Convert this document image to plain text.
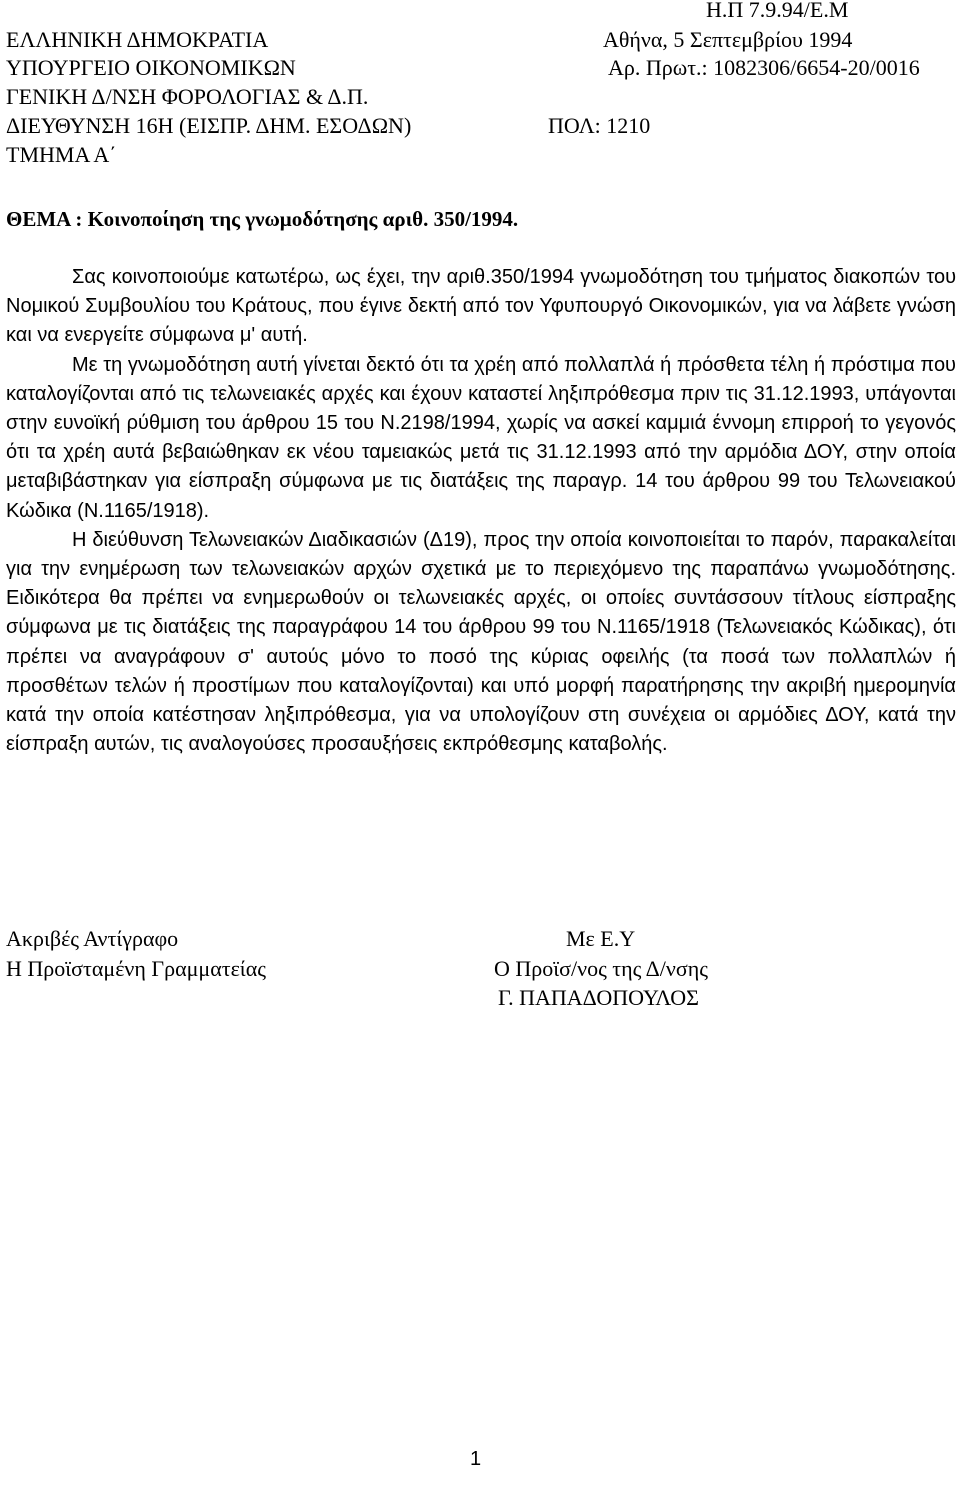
Η.Π 7.9.94/Ε.Μ
ΕΛΛΗΝΙΚΗ ΔΗΜΟΚΡΑΤΙΑ	Αθήνα, 5 Σεπτεμβρίου 1994
ΥΠΟΥΡΓΕΙΟ ΟΙΚΟΝΟΜΙΚΩΝ	Αρ. Πρωτ.: 1082306/6654-20/0016
ΓΕΝΙΚΗ Δ/ΝΣΗ ΦΟΡΟΛΟΓΙΑΣ & Δ.Π.
ΔΙΕΥΘΥΝΣΗ 16Η (ΕΙΣΠΡ. ΔΗΜ. ΕΣΟΔΩΝ)	ΠΟΛ: 1210
ΤΜΗΜΑ Α΄
ΘΕΜΑ : Κοινοποίηση της γνωμοδότησης αριθ. 350/1994.

Σας κοινοποιούμε κατωτέρω, ως έχει, την αριθ.350/1994 γνωμοδότηση του τμήματος διακοπών του Νομικού Συμβουλίου του Κράτους, που έγινε δεκτή από τον Υφυπουργό Οικονομικών, για να λάβετε γνώση και να ενεργείτε σύμφωνα μ' αυτή.

Με τη γνωμοδότηση αυτή γίνεται δεκτό ότι τα χρέη από πολλαπλά ή πρόσθετα τέλη ή πρόστιμα που καταλογίζονται από τις τελωνειακές αρχές και έχουν καταστεί ληξιπρόθεσμα πριν τις 31.12.1993, υπάγονται στην ευνοϊκή ρύθμιση του άρθρου 15 του Ν.2198/1994, χωρίς να ασκεί καμμιά έννομη επιρροή το γεγονός ότι τα χρέη αυτά βεβαιώθηκαν εκ νέου ταμειακώς μετά τις 31.12.1993 από την αρμόδια ΔΟΥ, στην οποία μεταβιβάστηκαν για είσπραξη σύμφωνα με τις διατάξεις της παραγρ. 14 του άρθρου 99 του Τελωνειακού Κώδικα (Ν.1165/1918).

Η διεύθυνση Τελωνειακών Διαδικασιών (Δ19), προς την οποία κοινοποιείται το παρόν, παρακαλείται για την ενημέρωση των τελωνειακών αρχών σχετικά με το περιεχόμενο της παραπάνω γνωμοδότησης. Ειδικότερα θα πρέπει να ενημερωθούν οι τελωνειακές αρχές, οι οποίες συντάσσουν τίτλους είσπραξης σύμφωνα με τις διατάξεις της παραγράφου 14 του άρθρου 99 του Ν.1165/1918 (Τελωνειακός Κώδικας), ότι πρέπει να αναγράφουν σ' αυτούς μόνο το ποσό της κύριας οφειλής (τα ποσά των πολλαπλών ή προσθέτων τελών ή προστίμων που καταλογίζονται) και υπό μορφή παρατήρησης την ακριβή ημερομηνία κατά την οποία κατέστησαν ληξιπρόθεσμα, για να υπολογίζουν στη συνέχεια οι αρμόδιες ΔΟΥ, κατά την είσπραξη αυτών, τις αναλογούσες προσαυξήσεις εκπρόθεσμης καταβολής.

Ακριβές Αντίγραφο
Η Προϊσταμένη Γραμματείας
Με Ε.Υ
Ο Προϊσ/νος της Δ/νσης
Γ. ΠΑΠΑΔΟΠΟΥΛΟΣ
1
